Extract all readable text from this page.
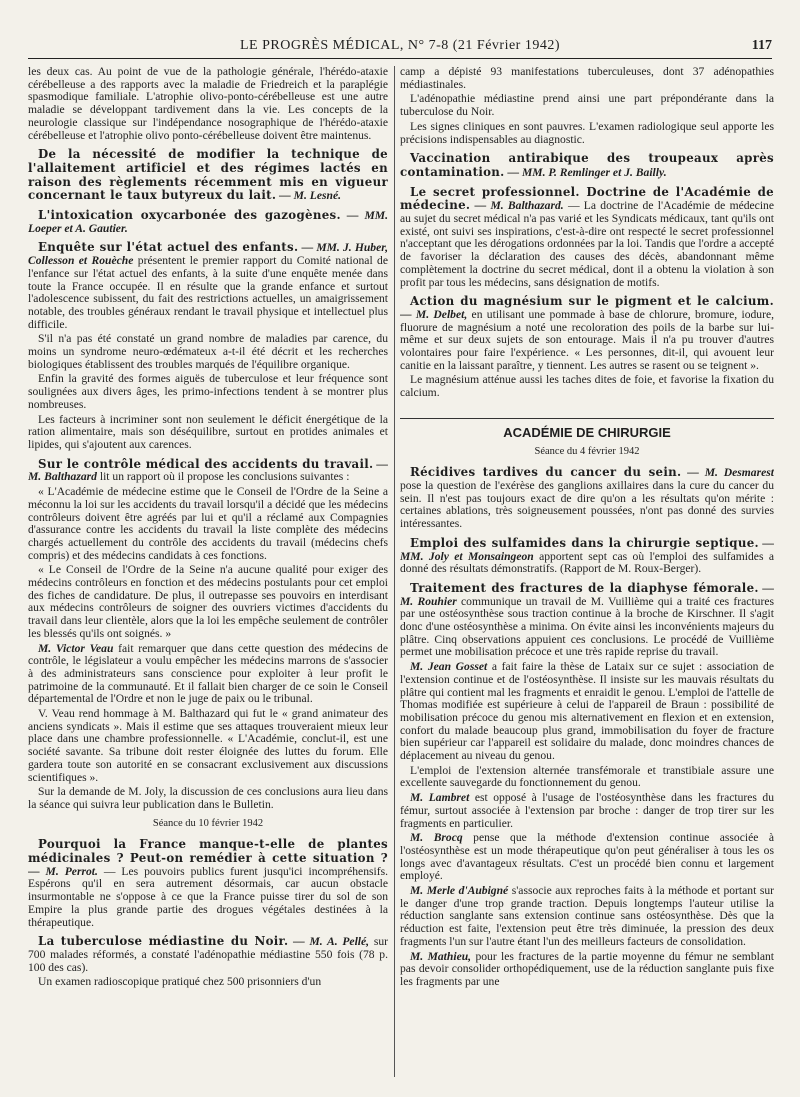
LE PROGRÈS MÉDICAL, N° 7-8 (21 Février 1942)	117

les deux cas. Au point de vue de la pathologie générale, l'hérédo-ataxie cérébelleuse a des rapports avec la maladie de Friedreich et la paraplégie spasmodique familiale. L'atrophie olivo-ponto-cérébelleuse est une autre maladie se développant tardivement dans la vie. Les concepts de la neurologie classique sur l'indépendance nosographique de l'hérédo-ataxie cérébelleuse et l'atrophie olivo ponto-cérébelleuse doivent être maintenus.

De la nécessité de modifier la technique de l'allaitement artificiel et des régimes lactés en raison des règlements récemment mis en vigueur concernant le taux butyreux du lait. — M. Lesné.

L'intoxication oxycarbonée des gazogènes. — MM. Loeper et A. Gautier.

Enquête sur l'état actuel des enfants. — MM. J. Huber, Collesson et Rouèche présentent le premier rapport du Comité national de l'enfance sur l'état actuel des enfants, à la suite d'une enquête menée dans toute la France occupée. Il en résulte que la grande enfance et surtout l'adolescence subissent, du fait des restrictions actuelles, un amaigrissement notable, des troubles généraux rendant le travail physique et intellectuel plus difficile.

S'il n'a pas été constaté un grand nombre de maladies par carence, du moins un syndrome neuro-œdémateux a-t-il été décrit et les recherches biologiques établissent des troubles marqués de l'équilibre organique.

Enfin la gravité des formes aiguës de tuberculose et leur fréquence sont soulignées aux divers âges, les primo-infections tendent à se montrer plus nombreuses.

Les facteurs à incriminer sont non seulement le déficit énergétique de la ration alimentaire, mais son déséquilibre, surtout en protides animales et lipides, qui s'ajoutent aux carences.

Sur le contrôle médical des accidents du travail. — M. Balthazard lit un rapport où il propose les conclusions suivantes :

« L'Académie de médecine estime que le Conseil de l'Ordre de la Seine a méconnu la loi sur les accidents du travail lorsqu'il a décidé que les médecins contrôleurs doivent être agréés par lui et qu'il a réclamé aux Compagnies d'assurance contre les accidents du travail la liste complète des médecins chargés actuellement du contrôle des accidents du travail (médecins chefs compris) et des médecins candidats à ces fonctions.

« Le Conseil de l'Ordre de la Seine n'a aucune qualité pour exiger des médecins contrôleurs en fonction et des médecins postulants pour cet emploi des fiches de candidature. De plus, il outrepasse ses pouvoirs en interdisant aux médecins contrôleurs de soigner des ouvriers victimes d'accidents du travail dans leur clientèle, alors que la loi les empêche seulement de contrôler les blessés qu'ils ont soignés. »

M. Victor Veau fait remarquer que dans cette question des médecins de contrôle, le législateur a voulu empêcher les médecins marrons de s'associer à des administrateurs sans conscience pour exploiter à leur profit le patrimoine de la communauté. Et il fallait bien charger de ce soin le Conseil départemental de l'Ordre et non le juge de paix ou le tribunal.

V. Veau rend hommage à M. Balthazard qui fut le « grand animateur des anciens syndicats ». Mais il estime que ses attaques trouveraient mieux leur place dans une chambre professionnelle. « L'Académie, conclut-il, est une société savante. Sa tribune doit rester éloignée des luttes du forum. Elle gardera toute son autorité en se consacrant exclusivement aux discussions scientifiques ».

Sur la demande de M. Joly, la discussion de ces conclusions aura lieu dans la séance qui suivra leur publication dans le Bulletin.

Séance du 10 février 1942

Pourquoi la France manque-t-elle de plantes médicinales ? Peut-on remédier à cette situation ? — M. Perrot. — Les pouvoirs publics furent jusqu'ici incompréhensifs. Espérons qu'il en sera autrement désormais, car aucun obstacle insurmontable ne s'oppose à ce que la France puisse tirer du sol de son Empire la plus grande partie des drogues végétales destinées à la thérapeutique.

La tuberculose médiastine du Noir. — M. A. Pellé, sur 700 malades réformés, a constaté l'adénopathie médiastine 550 fois (78 p. 100 des cas).

Un examen radioscopique pratiqué chez 500 prisonniers d'un

camp a dépisté 93 manifestations tuberculeuses, dont 37 adénopathies médiastinales.

L'adénopathie médiastine prend ainsi une part prépondérante dans la tuberculose du Noir.

Les signes cliniques en sont pauvres. L'examen radiologique seul apporte les précisions indispensables au diagnostic.

Vaccination antirabique des troupeaux après contamination. — MM. P. Remlinger et J. Bailly.

Le secret professionnel. Doctrine de l'Académie de médecine. — M. Balthazard. — La doctrine de l'Académie de médecine au sujet du secret médical n'a pas varié et les Syndicats médicaux, tant qu'ils ont existé, ont suivi ses inspirations, c'est-à-dire ont respecté le secret professionnel n'acceptant que les dérogations ordonnées par la loi. Tandis que l'ordre a accepté de favoriser la déclaration des causes des décès, abandonnant même complètement la doctrine du secret médical, dont il a obtenu la violation à son profit par tous les médecins, sans désignation de motifs.

Action du magnésium sur le pigment et le calcium. — M. Delbet, en utilisant une pommade à base de chlorure, bromure, iodure, fluorure de magnésium a noté une recoloration des poils de la barbe sur lui-même et sur deux sujets de son entourage. Mais il n'a pu trouver d'autres volontaires pour faire l'expérience. « Les personnes, dit-il, qui avouent leur canitie en la laissant paraître, y tiennent. Les autres se rasent ou se teignent ».

Le magnésium atténue aussi les taches dites de foie, et favorise la fixation du calcium.

ACADÉMIE DE CHIRURGIE

Séance du 4 février 1942

Récidives tardives du cancer du sein. — M. Desmarest pose la question de l'exérèse des ganglions axillaires dans la cure du cancer du sein. Il n'est pas toujours exact de dire qu'on a les résultats qu'on mérite : certaines ablations, très soigneusement poussées, n'ont pas donné des survies intéressantes.

Emploi des sulfamides dans la chirurgie septique. — MM. Joly et Monsaingeon apportent sept cas où l'emploi des sulfamides a donné des résultats démonstratifs. (Rapport de M. Roux-Berger).

Traitement des fractures de la diaphyse fémorale. — M. Rouhier communique un travail de M. Vuillième qui a traité ces fractures par une ostéosynthèse sous traction continue à la broche de Kirschner. Il s'agit donc d'une ostéosynthèse a minima. On évite ainsi les inconvénients majeurs du plâtre. Cinq observations appuient ces conclusions. Le procédé de Vuillième permet une mobilisation précoce et une très rapide reprise du travail.

M. Jean Gosset a fait faire la thèse de Lataix sur ce sujet : association de l'extension continue et de l'ostéosynthèse. Il insiste sur les mauvais résultats du plâtre qui contient mal les fragments et enraidit le genou. L'emploi de l'attelle de Thomas modifiée est supérieure à celui de l'appareil de Braun : possibilité de mobilisation précoce du genou mis alternativement en flexion et en extension, confort du malade beaucoup plus grand, immobilisation du foyer de fracture bien supérieur car l'appareil est solidaire du malade, donc moindres chances de déplacement au niveau du genou.

L'emploi de l'extension alternée transfémorale et transtibiale assure une excellente sauvegarde du fonctionnement du genou.

M. Lambret est opposé à l'usage de l'ostéosynthèse dans les fractures du fémur, surtout associée à l'extension par broche : danger de trop tirer sur les fragments en particulier.

M. Brocq pense que la méthode d'extension continue associée à l'ostéosynthèse est un mode thérapeutique qu'on peut généraliser à tous les os longs avec d'avantageux résultats. C'est un procédé bien connu et largement employé.

M. Merle d'Aubigné s'associe aux reproches faits à la méthode et portant sur le danger d'une trop grande traction. Depuis longtemps l'auteur utilise la réduction sanglante sans extension continue sans ostéosynthèse. Dès que la réduction est faite, l'extension peut être très diminuée, la pression des deux fragments l'un sur l'autre étant l'un des meilleurs facteurs de consolidation.

M. Mathieu, pour les fractures de la partie moyenne du fémur ne semblant pas devoir consolider orthopédiquement, use de la réduction sanglante puis fixe les fragments par une
